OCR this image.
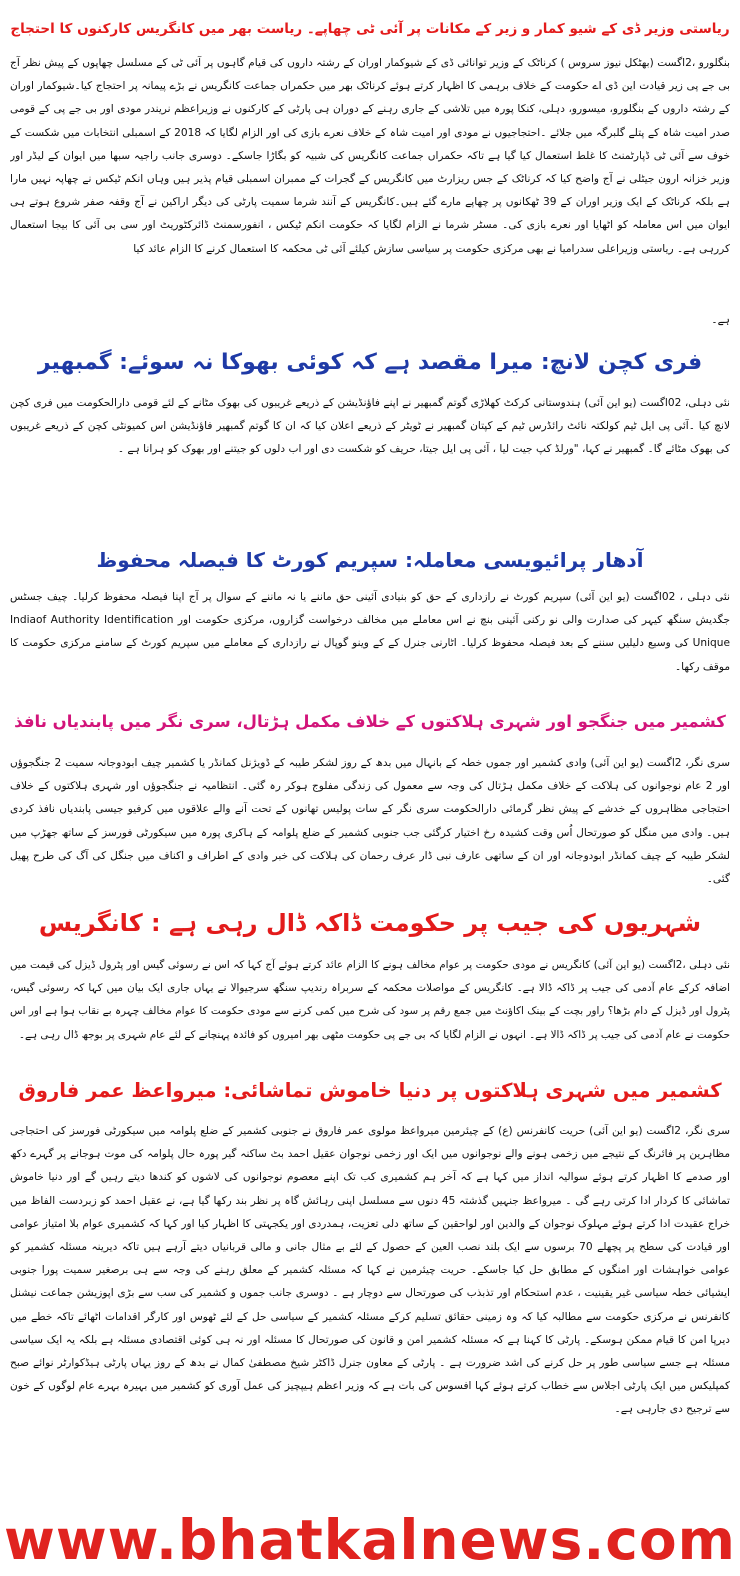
ریاستی وزیر ڈی کے شیو کمار و زیر کے مکانات پر آئی ٹی چھاپے۔ ریاست بھر میں کانگریس کارکنوں کا احتجاج

بنگلورو ،2اگست (بھٹکل نیوز سروس ) کرناٹک کے وزیر توانائی ڈی کے شیوکمار اوران کے رشتہ داروں کی قیام گاہوں پر آئی ٹی کے مسلسل چھاپوں کے پیش نظر آج بی جے پی زیر قیادت این ڈی اے حکومت کے خلاف برہمی کا اظہار کرتے ہوئے کرناٹک بھر میں حکمراں جماعت کانگریس نے بڑے پیمانہ پر احتجاج کیا۔شیوکمار اوران کے رشتہ داروں کے بنگلورو، میسورو، دہلی، کنکا پورہ میں تلاشی کے جاری رہنے کے دوران ہی پارٹی کے کارکنوں نے وزیراعظم نریندر مودی اور بی جے پی کے قومی صدر امیت شاہ کے پتلے گلبرگہ میں جلائے ۔احتجاجیوں نے مودی اور امیت شاہ کے خلاف نعرے بازی کی اور الزام لگایا کہ 2018 کے اسمبلی انتخابات میں شکست کے خوف سے آئی ٹی ڈپارٹمنٹ کا غلط استعمال کیا گیا ہے تاکہ حکمراں جماعت کانگریس کی شبیہ کو بگاڑا جاسکے۔ دوسری جانب راجیہ سبھا میں ایوان کے لیڈر اور وزیر خزانہ ارون جیٹلی نے آج واضح کیا کہ کرناٹک کے جس ریزارٹ میں کانگریس کے گجرات کے ممبران اسمبلی قیام پذیر ہیں وہاں انکم ٹیکس نے چھاپہ نہیں مارا ہے بلکہ کرناٹک کے ایک وزیر اوران کے 39 ٹھکانوں پر چھاپے مارے گئے ہیں۔کانگریس کے آنند شرما سمیت پارٹی کی دیگر اراکین نے آج وقفہ صفر شروع ہوتے ہی ایوان میں اس معاملہ کو اٹھایا اور نعرے بازی کی۔ مسٹر شرما نے الزام لگایا کہ حکومت انکم ٹیکس ، انفورسمنٹ ڈائرکٹوریٹ اور سی بی آئی کا بیجا استعمال کررہی ہے۔ ریاستی وزیراعلی سدرامیا نے بھی مرکزی حکومت پر سیاسی سازش کیلئے آئی ٹی محکمہ کا استعمال کرنے کا الزام عائد کیا

ہے۔

فری کچن لانچ: میرا مقصد ہے کہ کوئی بھوکا نہ سوئے: گمبھیر

نئی دہلی، 02اگست (یو این آئی) ہندوستانی کرکٹ کھلاڑی گوتم گمبھیر نے اپنے فاؤنڈیشن کے ذریعے غریبوں کی بھوک مٹانے کے لئے قومی دارالحکومت میں فری کچن لانچ کیا ۔آئی پی ایل ٹیم کولکتہ نائٹ رائڈرس ٹیم کے کپتان گمبھیر نے ٹویٹر کے ذریعے اعلان کیا کہ ان کا گوتم گمبھیر فاؤنڈیشن اس کمیونٹی کچن کے ذریعے غریبوں کی بھوک مٹائے گا۔ گمبھیر نے کہا، "ورلڈ کپ جیت لیا ، آئی پی ایل جیتا، حریف کو شکست دی اور اب دلوں کو جیتنے اور بھوک کو ہرانا ہے ۔

آدھار پرائیویسی معاملہ: سپریم کورٹ کا فیصلہ محفوظ

نئی دہلی ، 02اگست (یو این آئی) سپریم کورٹ نے رازداری کے حق کو بنیادی آئینی حق ماننے یا نہ ماننے کے سوال پر آج اپنا فیصلہ محفوظ کرلیا۔ چیف جسٹس جگدیش سنگھ کیہر کی صدارت والی نو رکنی آئینی بنچ نے اس معاملے میں مخالف درخواست گزاروں، مرکزی حکومت اور Indiaof Authority Identification Unique کی وسیع دلیلیں سننے کے بعد فیصلہ محفوظ کرلیا۔ اٹارنی جنرل کے کے وینو گوپال نے رازداری کے معاملے میں سپریم کورٹ کے سامنے مرکزی حکومت کا موقف رکھا۔

کشمیر میں جنگجو اور شہری ہلاکتوں کے خلاف مکمل ہڑتال، سری نگر میں پابندیاں نافذ

سری نگر، 2اگست (یو این آئی) وادی کشمیر اور جموں خطہ کے بانہال میں بدھ کے روز لشکر طیبہ کے ڈویژنل کمانڈر یا کشمیر چیف ابودوجانہ سمیت 2 جنگجوؤں اور 2 عام نوجوانوں کی ہلاکت کے خلاف مکمل ہڑتال کی وجہ سے معمول کی زندگی مفلوج ہوکر رہ گئی۔ انتظامیہ نے جنگجوؤں اور شہری ہلاکتوں کے خلاف احتجاجی مظاہروں کے خدشے کے پیش نظر گرمائی دارالحکومت سری نگر کے سات پولیس تھانوں کے تحت آنے والے علاقوں میں کرفیو جیسی پابندیاں نافذ کردی ہیں۔ وادی میں منگل کو صورتحال اُس وقت کشیدہ رخ اختیار کرگئی جب جنوبی کشمیر کے ضلع پلوامہ کے ہاکری پورہ میں سیکورٹی فورسز کے ساتھ جھڑپ میں لشکر طیبہ کے چیف کمانڈر ابودوجانہ اور ان کے ساتھی عارف نبی ڈار عرف رحمان کی ہلاکت کی خبر وادی کے اطراف و اکناف میں جنگل کی آگ کی طرح پھیل گئی۔

شہریوں کی جیب پر حکومت ڈاکہ ڈال رہی ہے : کانگریس

نئی دہلی ،2اگست (یو این آئی) کانگریس نے مودی حکومت پر عوام مخالف ہونے کا الزام عائد کرتے ہوئے آج کہا کہ اس نے رسوئی گیس اور پٹرول ڈیزل کی قیمت میں اضافہ کرکے عام آدمی کی جیب پر ڈاکہ ڈالا ہے۔ کانگریس کے مواصلات محکمہ کے سربراہ رندیپ سنگھ سرجیوالا نے یہاں جاری ایک بیان میں کہا کہ رسوئی گیس، پٹرول اور ڈیزل کے دام بڑھا؟ راور بچت کے بینک اکاؤنٹ میں جمع رقم پر سود کی شرح میں کمی کرنے سے مودی حکومت کا عوام مخالف چہرہ بے نقاب ہوا ہے اور اس حکومت نے عام آدمی کی جیب پر ڈاکہ ڈالا ہے۔ انہوں نے الزام لگایا کہ بی جے پی حکومت مٹھی بھر امیروں کو فائدہ پہنچانے کے لئے عام شہری پر بوجھ ڈال رہی ہے۔

کشمیر میں شہری ہلاکتوں پر دنیا خاموش تماشائی: میرواعظ عمر فاروق

سری نگر، 2اگست (یو این آئی) حریت کانفرنس (ع) کے چیئرمین میرواعظ مولوی عمر فاروق نے جنوبی کشمیر کے ضلع پلوامہ میں سیکورٹی فورسز کی احتجاجی مظاہرین پر فائرنگ کے نتیجے میں زخمی ہونے والے نوجوانوں میں ایک اور زخمی نوجوان عقیل احمد بٹ ساکنہ گیر پورہ حال پلوامہ کی موت ہوجانے پر گہرے دکھ اور صدمے کا اظہار کرتے ہوئے سوالیہ انداز میں کہا ہے کہ آخر ہم کشمیری کب تک اپنے معصوم نوجوانوں کی لاشوں کو کندھا دیتے رہیں گے اور دنیا خاموش تماشائی کا کردار ادا کرتی رہے گی ۔ میرواعظ جنہیں گذشتہ 45 دنوں سے مسلسل اپنی رہائش گاہ پر نظر بند رکھا گیا ہے، نے عقیل احمد کو زبردست الفاظ میں خراج عقیدت ادا کرتے ہوئے مہلوک نوجوان کے والدین اور لواحقین کے ساتھ دلی تعزیت، ہمدردی اور یکجہتی کا اظہار کیا اور کہا کہ کشمیری عوام بلا امتیاز عوامی اور قیادت کی سطح پر پچھلے 70 برسوں سے ایک بلند نصب العین کے حصول کے لئے بے مثال جانی و مالی قربانیاں دیتے آرہے ہیں تاکہ دیرینہ مسئلہ کشمیر کو عوامی خواہشات اور امنگوں کے مطابق حل کیا جاسکے۔ حریت چیئرمین نے کہا کہ مسئلہ کشمیر کے معلق رہنے کی وجہ سے ہی برصغیر سمیت پورا جنوبی ایشیائی خطہ سیاسی غیر یقینیت ، عدم استحکام اور تذبذب کی صورتحال سے دوچار ہے ۔ دوسری جانب جموں و کشمیر کی سب سے بڑی اپوزیشن جماعت نیشنل کانفرنس نے مرکزی حکومت سے مطالبہ کیا کہ وہ زمینی حقائق تسلیم کرکے مسئلہ کشمیر کے سیاسی حل کے لئے ٹھوس اور کارگر اقدامات اٹھائے تاکہ خطے میں دیرپا امن کا قیام ممکن ہوسکے۔ پارٹی کا کہنا ہے کہ مسئلہ کشمیر امن و قانون کی صورتحال کا مسئلہ اور نہ ہی کوئی اقتصادی مسئلہ ہے بلکہ یہ ایک سیاسی مسئلہ ہے جسے سیاسی طور پر حل کرنے کی اشد ضرورت ہے ۔ پارٹی کے معاون جنرل ڈاکٹر شیخ مصطفیٰ کمال نے بدھ کے روز یہاں پارٹی ہیڈکوارٹر نوائے صبح کمپلیکس میں ایک پارٹی اجلاس سے خطاب کرتے ہوئے کہا افسوس کی بات ہے کہ وزیر اعظم ہیپچیز کی عمل آوری کو کشمیر میں بہیرہ بہرے عام لوگوں کے خون سے ترجیح دی جارہی ہے۔

www.bhatkalnews.com
